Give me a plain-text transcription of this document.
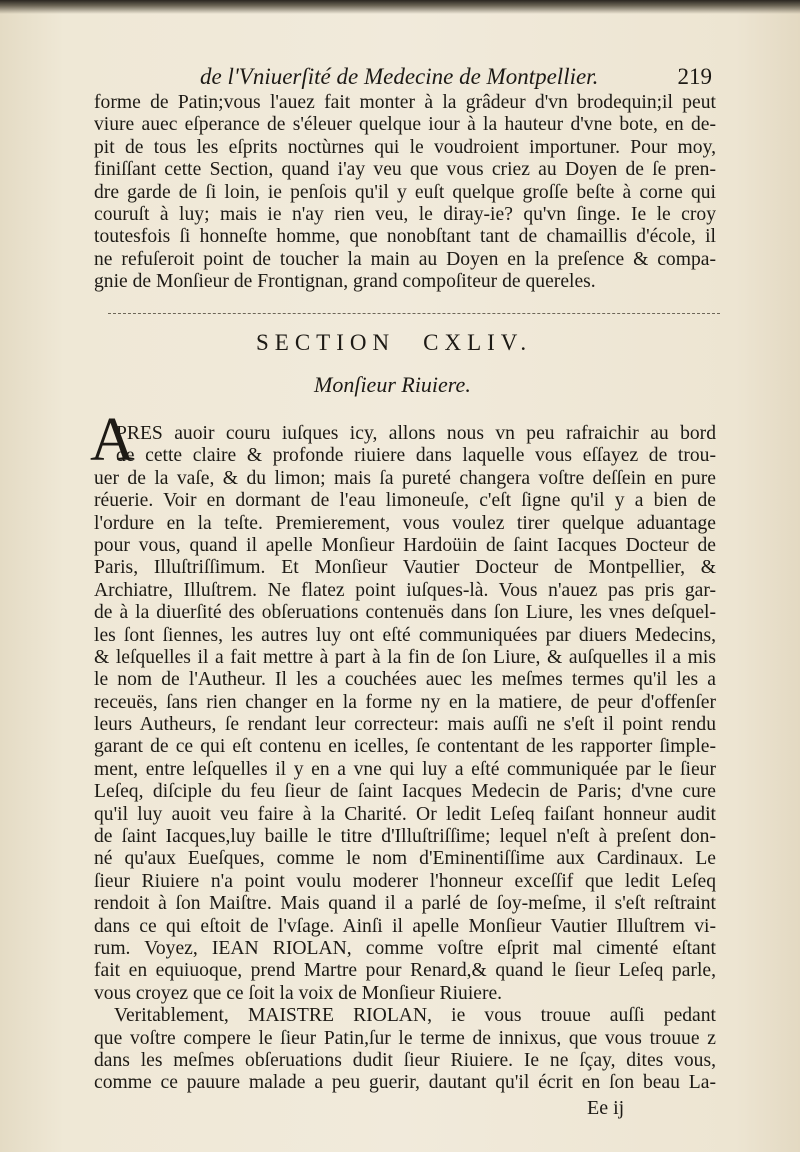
de l'Vniuerſité de Medecine de Montpellier.	219
forme de Patin;vous l'auez fait monter à la grâdeur d'vn brodequin;il peut
viure auec eſperance de s'éleuer quelque iour à la hauteur d'vne bote, en de-
pit de tous les eſprits noctùrnes qui le voudroient importuner. Pour moy,
finiſſant cette Section, quand i'ay veu que vous criez au Doyen de ſe pren-
dre garde de ſi loin, ie penſois qu'il y euſt quelque groſſe beſte à corne qui
couruſt à luy; mais ie n'ay rien veu, le diray-ie? qu'vn ſinge. Ie le croy
toutesfois ſi honneſte homme, que nonobſtant tant de chamaillis d'école, il
ne refuſeroit point de toucher la main au Doyen en la preſence & compa-
gnie de Monſieur de Frontignan, grand compoſiteur de quereles.
SECTION CXLIV.
Monſieur Riuiere.
A
PRES auoir couru iuſques icy, allons nous vn peu rafraichir au bord
de cette claire & profonde riuiere dans laquelle vous eſſayez de trou-
uer de la vaſe, & du limon; mais ſa pureté changera voſtre deſſein en pure
réuerie. Voir en dormant de l'eau limoneuſe, c'eſt ſigne qu'il y a bien de
l'ordure en la teſte. Premierement, vous voulez tirer quelque aduantage
pour vous, quand il apelle Monſieur Hardoüin de ſaint Iacques Docteur de
Paris, Illuſtriſſimum. Et Monſieur Vautier Docteur de Montpellier, &
Archiatre, Illuſtrem. Ne flatez point iuſques-là. Vous n'auez pas pris gar-
de à la diuerſité des obſeruations contenuës dans ſon Liure, les vnes deſquel-
les ſont ſiennes, les autres luy ont eſté communiquées par diuers Medecins,
& leſquelles il a fait mettre à part à la fin de ſon Liure, & auſquelles il a mis
le nom de l'Autheur. Il les a couchées auec les meſmes termes qu'il les a
receuës, ſans rien changer en la forme ny en la matiere, de peur d'offenſer
leurs Autheurs, ſe rendant leur correcteur: mais auſſi ne s'eſt il point rendu
garant de ce qui eſt contenu en icelles, ſe contentant de les rapporter ſimple-
ment, entre leſquelles il y en a vne qui luy a eſté communiquée par le ſieur
Leſeq, diſciple du feu ſieur de ſaint Iacques Medecin de Paris; d'vne cure
qu'il luy auoit veu faire à la Charité. Or ledit Leſeq faiſant honneur audit
de ſaint Iacques,luy baille le titre d'Illuſtriſſime; lequel n'eſt à preſent don-
né qu'aux Eueſques, comme le nom d'Eminentiſſime aux Cardinaux. Le
ſieur Riuiere n'a point voulu moderer l'honneur exceſſif que ledit Leſeq
rendoit à ſon Maiſtre. Mais quand il a parlé de ſoy-meſme, il s'eſt reſtraint
dans ce qui eſtoit de l'vſage. Ainſi il apelle Monſieur Vautier Illuſtrem vi-
rum. Voyez, IEAN RIOLAN, comme voſtre eſprit mal cimenté eſtant
fait en equiuoque, prend Martre pour Renard,& quand le ſieur Leſeq parle,
vous croyez que ce ſoit la voix de Monſieur Riuiere.
Veritablement, MAISTRE RIOLAN, ie vous trouue auſſi pedant
que voſtre compere le ſieur Patin,ſur le terme de innixus, que vous trouue z
dans les meſmes obſeruations dudit ſieur Riuiere. Ie ne ſçay, dites vous,
comme ce pauure malade a peu guerir, dautant qu'il écrit en ſon beau La-
Ee ij
